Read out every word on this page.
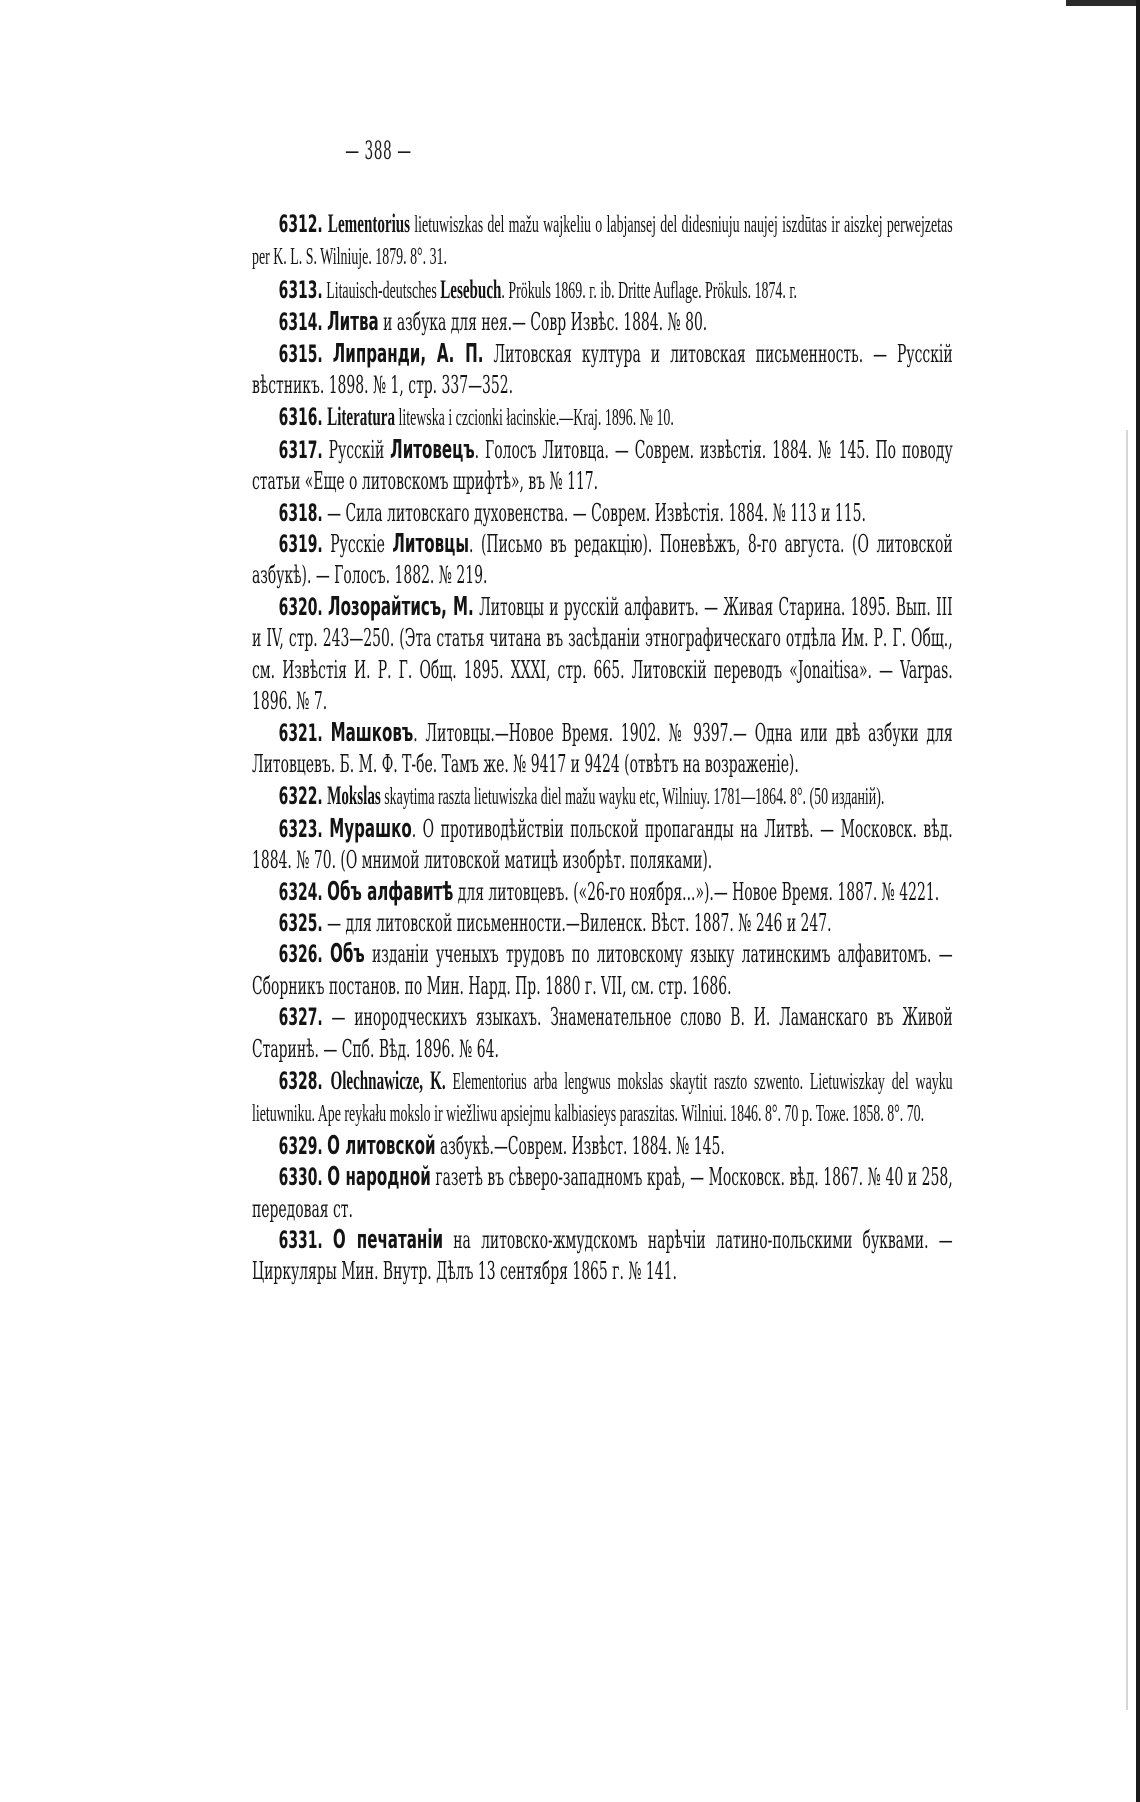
— 388 —

6312. Lementorius lietuwiszkas del mažu wajkeliu o labjansej del didesniuju naujej iszdūtas ir aiszkej perwejzetas per K. L. S. Wilniuje. 1879. 8°. 31.

6313. Litauisch-deutsches Lesebuch. Prökuls 1869. г. ib. Dritte Auflage. Prökuls. 1874. г.

6314. Литва и азбука для нея.— Совр Извѣс. 1884. № 80.

6315. Липранди, А. П. Литовская култура и литовская письменность. — Русскій вѣстникъ. 1898. № 1, стр. 337—352.

6316. Literatura litewska i czcionki łacinskie.—Kraj. 1896. № 10.

6317. Русскій Литовецъ. Голосъ Литовца. — Соврем. извѣстія. 1884. № 145. По поводу статьи «Еще о литовскомъ шрифтѣ», въ № 117.

6318. — Сила литовскаго духовенства. — Соврем. Извѣстія. 1884. № 113 и 115.

6319. Русскіе Литовцы. (Письмо въ редакцію). Поневѣжъ, 8-го августа. (О литовской азбукѣ). — Голосъ. 1882. № 219.

6320. Лозорайтисъ, М. Литовцы и русскій алфавитъ. — Живая Старина. 1895. Вып. III и IV, стр. 243—250. (Эта статья читана въ засѣданіи этнографическаго отдѣла Им. Р. Г. Общ., см. Извѣстія И. Р. Г. Общ. 1895. XXXI, стр. 665. Литовскій переводъ «Jonaitisa». — Varpas. 1896. № 7.

6321. Машковъ. Литовцы.—Новое Время. 1902. № 9397.— Одна или двѣ азбуки для Литовцевъ. Б. М. Ф. Т-бе. Тамъ же. № 9417 и 9424 (отвѣтъ на возраженіе).

6322. Mokslas skaytima raszta lietuwiszka diel mažu wayku etc, Wilniuy. 1781—1864. 8°. (50 изданій).

6323. Мурашко. О противодѣйствіи польской пропаганды на Литвѣ. — Московск. вѣд. 1884. № 70. (О мнимой литовской матицѣ изобрѣт. поляками).

6324. Объ алфавитѣ для литовцевъ. («26-го ноября...»).— Новое Время. 1887. № 4221.

6325. — для литовской письменности.—Виленск. Вѣст. 1887. № 246 и 247.

6326. Объ изданіи ученыхъ трудовъ по литовскому языку латинскимъ алфавитомъ. — Сборникъ постанов. по Мин. Нард. Пр. 1880 г. VII, см. стр. 1686.

6327. — инородческихъ языкахъ. Знаменательное слово В. И. Ламанскаго въ Живой Старинѣ. — Спб. Вѣд. 1896. № 64.

6328. Olechnawicze, K. Elementorius arba lengwus mokslas skaytit raszto szwento. Lietuwiszkay del wayku lietuwniku. Ape reykału mokslo ir wiežliwu apsiejmu kalbiasieys paraszitas. Wilniui. 1846. 8°. 70 р. Тоже. 1858. 8°. 70.

6329. О литовской азбукѣ.—Соврем. Извѣст. 1884. № 145.

6330. О народной газетѣ въ сѣверо-западномъ краѣ, — Московск. вѣд. 1867. № 40 и 258, передовая ст.

6331. О печатаніи на литовско-жмудскомъ нарѣчіи латино-польскими буквами. — Циркуляры Мин. Внутр. Дѣлъ 13 сентября 1865 г. № 141.
